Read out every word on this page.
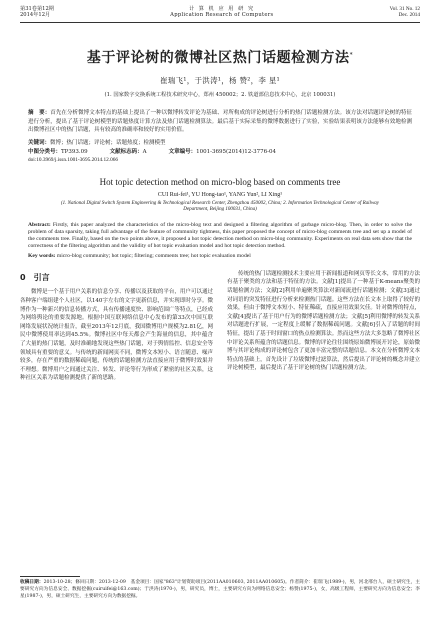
第31卷第12期
2014年12月
计 算 机 应 用 研 究
Application Research of Computers
Vol. 31 No. 12
Dec. 2014
基于评论树的微博社区热门话题检测方法*
崔瑞飞¹，于洪涛¹，杨 赞²，李 星¹
(1. 国家数字交换系统工程技术研究中心，郑州 450002；2. 铁道部信息技术中心，北京 100031)
摘　要：首先在分析微博文本特点的基础上提出了一种以微博转发评论为基础、对所构成的评论树进行分析的热门话题检测方法。该方法对话题评论树的特征进行分析，提出了基于评论树模型的话题热度计算方法及热门话题检测算法。最后基于实际采集的微博数据进行了实验，实验结果表明该方法能够有效地检测出微博社区中的热门话题，具有较高的准确率和较好的实用价值。
关键词：微博；热门话题；评论树；话题热度；检测模型
中图分类号：TP393.09	文献标志码：A	文章编号：1001-3695(2014)12-3776-04
doi:10.3969/j.issn.1001-3695.2014.12.066
Hot topic detection method on micro-blog based on comments tree
CUI Rui-fei¹, YU Hong-tao¹, YANG Yun², LI Xing¹
(1. National Digital Switch System Engineering & Technological Research Center, Zhengzhou 450002, China; 2. Information Technological Center of Railway Department, Beijing 100031, China)
Abstract: Firstly, this paper analyzed the characteristics of the micro-blog text and designed a filtering algorithm of garbage micro-blog. Then, in order to solve the problem of data sparsity, taking full advantage of the feature of community tightness, this paper proposed the concept of micro-blog comments tree and set up a model of the comments tree. Finally, based on the two points above, it proposed a hot topic detection method on micro-blog community. Experiments on real data sets show that the correctness of the filtering algorithm and the validity of hot topic evaluation model and hot topic detection method.
Key words: micro-blog community; hot topic; filtering; comments tree; hot topic evaluation model
0　引言
微博是一个基于用户关系的信息分享、传播以及获取的平台，用户可以通过各种客户端组建个人社区，以140字左右的文字更新信息，并实现即时分享。微博作为一种新兴的信息传播方式，具有传播速度快、影响范围广等特点，已经成为网络舆论的重要发源地。根据中国互联网络信息中心发布的第33次中国互联网络发展状况统计报告，截至2013年12月底，我国微博用户规模为2.81亿，网民中微博使用率达到45.5%。微博社区中每天都会产生海量的信息，其中蕴含了大量的热门话题，及时准确地发现这些热门话题，对于舆情监控、信息安全等领域具有重要的意义。与传统的新闻网页不同，微博文本短小、语言随意、噪声较多，存在严重的数据稀疏问题，传统的话题检测方法直接应用于微博时效果并不理想。微博用户之间通过关注、转发、评论等行为形成了紧密的社区关系，这种社区关系为话题检测提供了新的思路。
传统的热门话题检测技术主要应用于新闻报道和网页等长文本，常用的方法有基于聚类的方法和基于特征的方法。文献[1]提出了一种基于K-means聚类的话题检测方法；文献[2]利用单遍聚类算法对新闻流进行话题检测；文献[3]通过对词语的突发特征进行分析来检测热门话题。这些方法在长文本上取得了较好的效果，但由于微博文本短小、特征稀疏，直接应用效果欠佳。针对微博的特点，文献[4]提出了基于用户行为的微博话题检测方法；文献[5]利用微博的转发关系对话题进行扩展，一定程度上缓解了数据稀疏问题。文献[6]引入了话题的时间特征，提出了基于时间窗口的热点检测算法。然而这些方法大多忽略了微博社区中评论关系所蕴含的话题信息。微博的评论往往围绕原始微博展开讨论，原始微博与其评论构成的评论树包含了更加丰富完整的话题信息。本文在分析微博文本特点的基础上，首先设计了垃圾微博过滤算法，然后提出了评论树的概念并建立评论树模型，最后提出了基于评论树的热门话题检测方法。
收稿日期：2013-10-28；修回日期：2013-12-09　基金项目：国家"863"计划资助项目(2011AA010603, 2011AA010605)。作者简介：崔瑞飞(1989-)，男，河北邢台人，硕士研究生，主要研究方向为信息安全、数据挖掘(cuiruifei@163.com)；于洪涛(1970-)，男，研究员，博士，主要研究方向为网络信息安全；杨赞(1975-)，女，高级工程师，主要研究方向为信息安全；李星(1987-)，男，硕士研究生，主要研究方向为数据挖掘。
